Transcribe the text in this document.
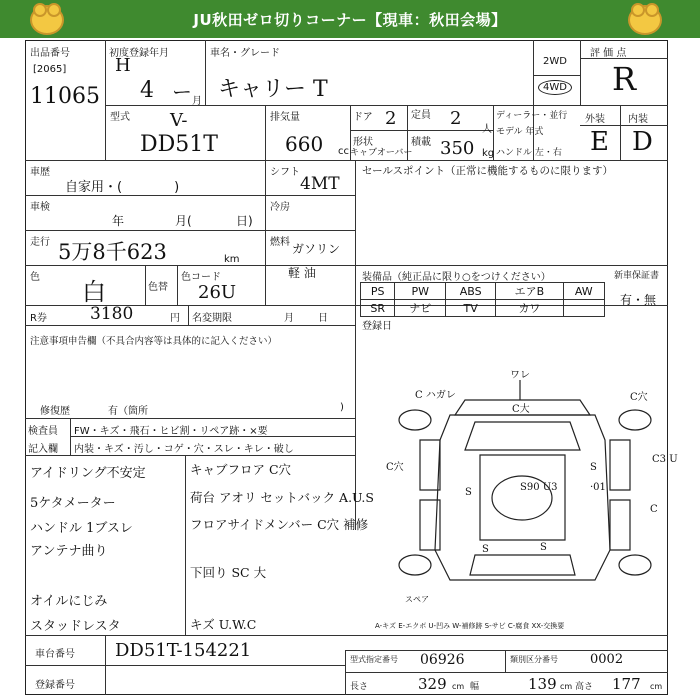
JU秋田ゼロ切りコーナー【現車：秋田会場】
出品番号
[2065]
11065
初度登録年月
H
4 ー 月
車名・グレード
キャリー T
2WD
4WD
評 価 点
R
型式 V-
DD51T
排気量
660 cc
ドア 2 定員 2
人
形状
キャブオーバー
積載 350 kg
ディーラー・並行
モデル 年式
ハンドル 左・右
外装 内装
E D
車歴
自家用・(　　　　)
シフト
4MT
車検
年	月(	日)
冷房
走行 5万8千623	km
燃料 ガソリン
軽 油
色
白	色替
色コード
26U
R券	3180	円 名変期限	月 日
注意事項申告欄（不具合内容等は具体的に記入ください）
修復歴	有（箇所	)
検査員
記入欄
FW・キズ・飛石・ヒビ割・リペア跡・×要
内装・キズ・汚し・コゲ・穴・スレ・キレ・破し
アイドリング不安定
5ケタメーター
ハンドル 1ブスレ
アンテナ曲り
オイルにじみ
スタッドレスタ
キャブフロア C穴
荷台 アオリ セットバック A.U.S
フロアサイドメンバー C穴 補修
下回り SC 大
キズ U.W.C
セールスポイント（正常に機能するものに限ります）
装備品（純正品に限り○をつけください）	新車保証書
有・無
PS	PW	ABS	エアB	AW
SR	ナビ	TV	カワ	
登録日
ワレ
C ハガレ	C穴
C大
C穴
C3 U
S90 U3
S
S
S
S
·01
C
スペア
A-キズ E-エクボ U-凹み W-補修跡 S-サビ C-腐食 XX-交換要
車台番号 DD51T-154221
登録番号
型式指定番号 06926	類別区分番号 0002
長さ	329 cm 幅	139 cm 高さ 177 cm
